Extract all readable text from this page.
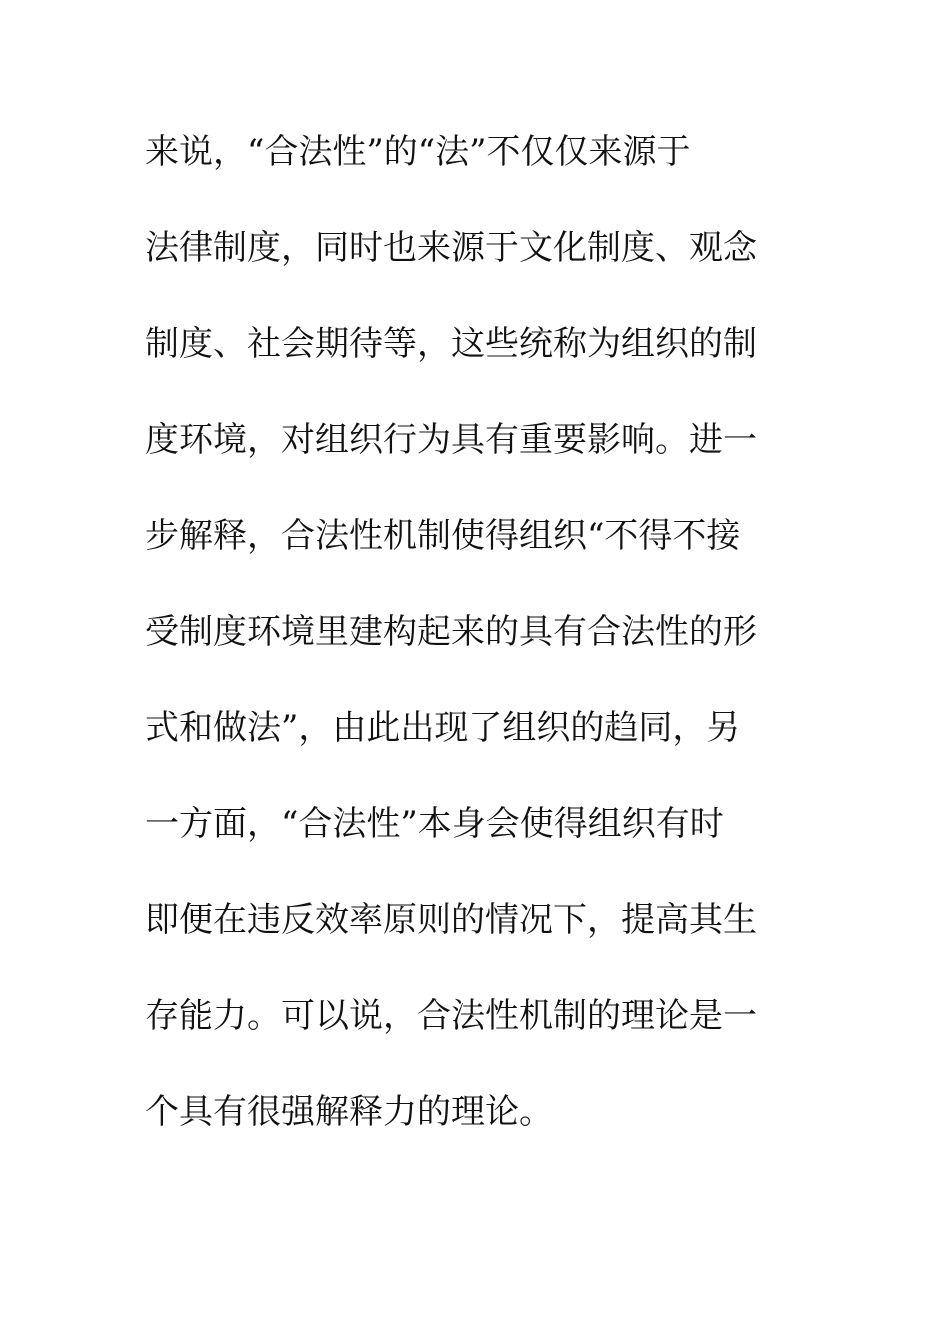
来说，“合法性”的“法”不仅仅来源于
法律制度，同时也来源于文化制度、观念
制度、社会期待等，这些统称为组织的制
度环境，对组织行为具有重要影响。进一
步解释，合法性机制使得组织“不得不接
受制度环境里建构起来的具有合法性的形
式和做法”，由此出现了组织的趋同，另
一方面，“合法性”本身会使得组织有时
即便在违反效率原则的情况下，提高其生
存能力。可以说，合法性机制的理论是一
个具有很强解释力的理论。
